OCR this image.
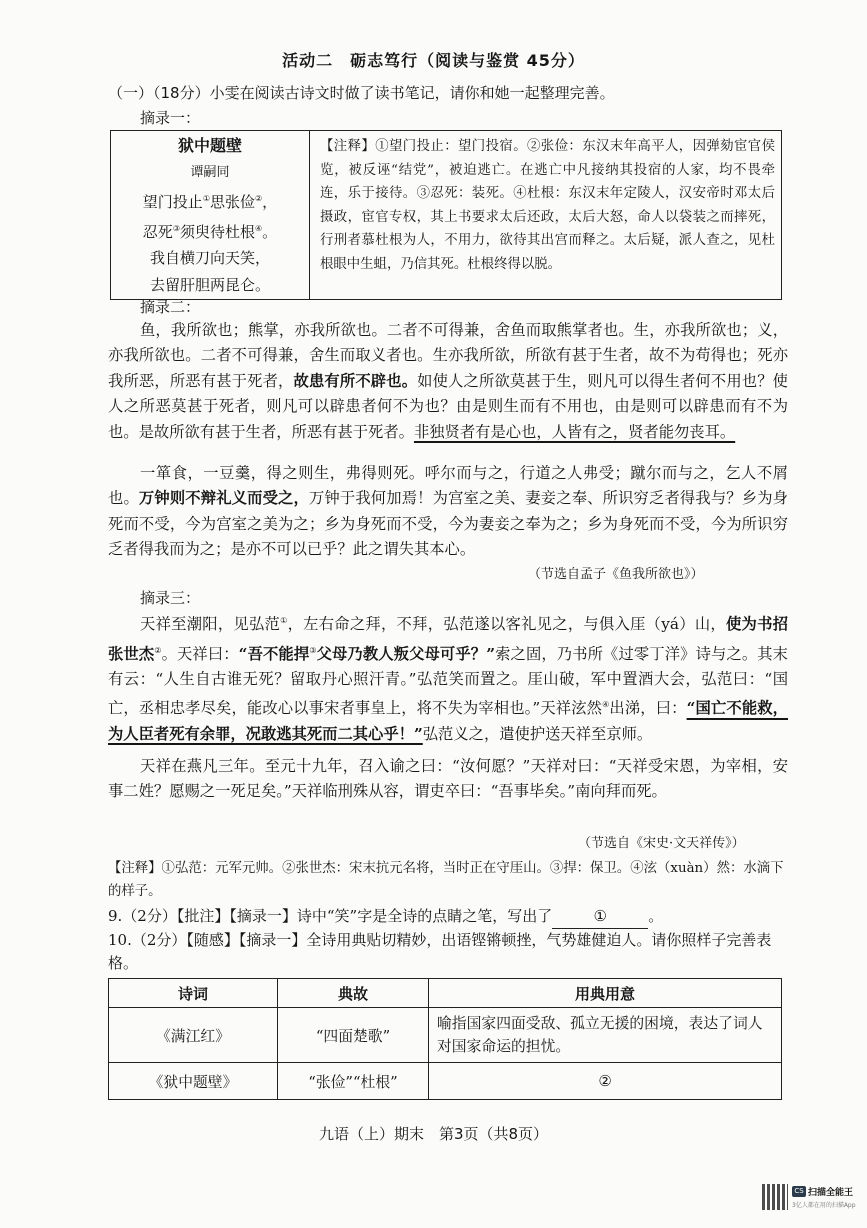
活动二　砺志笃行（阅读与鉴赏 45分）
（一）（18分）小雯在阅读古诗文时做了读书笔记，请你和她一起整理完善。
摘录一：
狱中题壁
谭嗣同
望门投止①思张俭②，
忍死③须臾待杜根④。
我自横刀向天笑，
去留肝胆两昆仑。
	【注释】①望门投止：望门投宿。②张俭：东汉末年高平人，因弹劾宦官侯览，被反诬“结党”，被迫逃亡。在逃亡中凡接纳其投宿的人家，均不畏牵连，乐于接待。③忍死：装死。④杜根：东汉末年定陵人，汉安帝时邓太后摄政，宦官专权，其上书要求太后还政，太后大怒，命人以袋装之而摔死，行刑者慕杜根为人，不用力，欲待其出宫而释之。太后疑，派人查之，见杜根眼中生蛆，乃信其死。杜根终得以脱。
摘录二：
鱼，我所欲也；熊掌，亦我所欲也。二者不可得兼，舍鱼而取熊掌者也。生，亦我所欲也；义，亦我所欲也。二者不可得兼，舍生而取义者也。生亦我所欲，所欲有甚于生者，故不为苟得也；死亦我所恶，所恶有甚于死者，故患有所不辟也。如使人之所欲莫甚于生，则凡可以得生者何不用也？使人之所恶莫甚于死者，则凡可以辟患者何不为也？由是则生而有不用也，由是则可以辟患而有不为也。是故所欲有甚于生者，所恶有甚于死者。非独贤者有是心也，人皆有之，贤者能勿丧耳。
一箪食，一豆羹，得之则生，弗得则死。呼尔而与之，行道之人弗受；蹴尔而与之，乞人不屑也。万钟则不辩礼义而受之，万钟于我何加焉！为宫室之美、妻妾之奉、所识穷乏者得我与？乡为身死而不受，今为宫室之美为之；乡为身死而不受，今为妻妾之奉为之；乡为身死而不受，今为所识穷乏者得我而为之；是亦不可以已乎？此之谓失其本心。
（节选自孟子《鱼我所欲也》）
摘录三：
天祥至潮阳，见弘范①，左右命之拜，不拜，弘范遂以客礼见之，与俱入厓（yá）山，使为书招张世杰②。天祥曰：“吾不能捍③父母乃教人叛父母可乎？”索之固，乃书所《过零丁洋》诗与之。其末有云：“人生自古谁无死？留取丹心照汗青。”弘范笑而置之。厓山破，军中置酒大会，弘范曰：“国亡，丞相忠孝尽矣，能改心以事宋者事皇上，将不失为宰相也。”天祥泫然④出涕，曰：“国亡不能救，为人臣者死有余罪，况敢逃其死而二其心乎！”弘范义之，遣使护送天祥至京师。
天祥在燕凡三年。至元十九年，召入谕之曰：“汝何愿？”天祥对曰：“天祥受宋恩，为宰相，安事二姓？愿赐之一死足矣。”天祥临刑殊从容，谓吏卒曰：“吾事毕矣。”南向拜而死。
（节选自《宋史·文天祥传》）
【注释】①弘范：元军元帅。②张世杰：宋末抗元名将，当时正在守厓山。③捍：保卫。④泫（xuàn）然：水滴下的样子。
9.（2分）【批注】【摘录一】诗中“笑”字是全诗的点睛之笔，写出了	①	。
10.（2分）【随感】【摘录一】全诗用典贴切精妙，出语铿锵顿挫，气势雄健迫人。请你照样子完善表格。
诗词	典故	用典用意
《满江红》	“四面楚歌”	喻指国家四面受敌、孤立无援的困境，表达了词人对国家命运的担忧。
《狱中题壁》	“张俭”“杜根”	②
九语（上）期末　第3页（共8页）
CS 扫描全能王
3亿人都在用的扫描App
